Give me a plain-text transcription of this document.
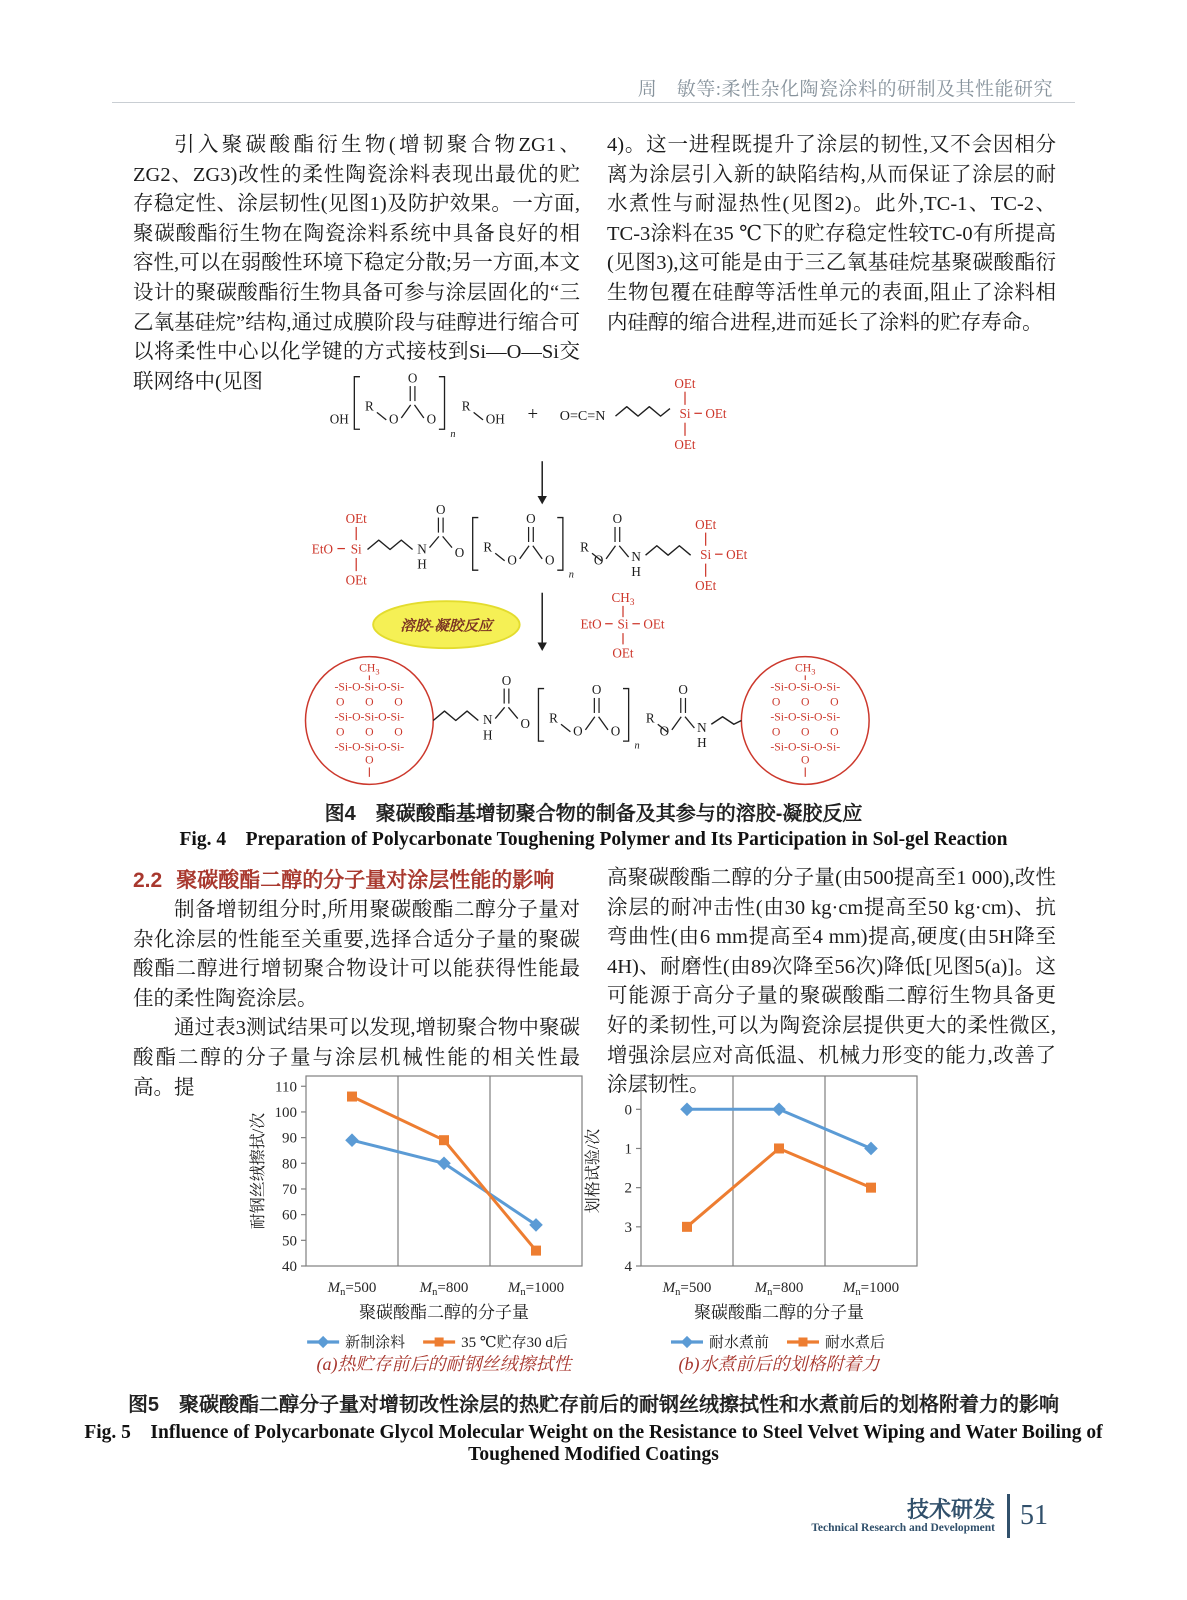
周　敏等:柔性杂化陶瓷涂料的研制及其性能研究
引入聚碳酸酯衍生物(增韧聚合物ZG1、ZG2、ZG3)改性的柔性陶瓷涂料表现出最优的贮存稳定性、涂层韧性(见图1)及防护效果。一方面,聚碳酸酯衍生物在陶瓷涂料系统中具备良好的相容性,可以在弱酸性环境下稳定分散;另一方面,本文设计的聚碳酸酯衍生物具备可参与涂层固化的“三乙氧基硅烷”结构,通过成膜阶段与硅醇进行缩合可以将柔性中心以化学键的方式接枝到Si—O—Si交联网络中(见图
4)。这一进程既提升了涂层的韧性,又不会因相分离为涂层引入新的缺陷结构,从而保证了涂层的耐水煮性与耐湿热性(见图2)。此外,TC-1、TC-2、TC-3涂料在35 ℃下的贮存稳定性较TC-0有所提高(见图3),这可能是由于三乙氧基硅烷基聚碳酸酯衍生物包覆在硅醇等活性单元的表面,阻止了涂料相内硅醇的缩合进程,进而延长了涂料的贮存寿命。
OH
R
O
O
O
n
R
OH + O=C=N	Si
OEt
OEt
OEt
EtO Si
OEt
OEt
N
H
O
O R
O
O
O
n
R
O
O
N
H
Si
OEt
OEt
OEt
溶胶-凝胶反应
$CH_3$
EtO Si OEt
OEt
$CH_3$
-Si-O-Si-O-Si-
-Si-O-Si-O-Si-
-Si-O-Si-O-Si-
O O O
O O O
O
$CH_3$
-Si-O-Si-O-Si-
-Si-O-Si-O-Si-
-Si-O-Si-O-Si-
O O O
O O O
O
N
H
O
O R
O
O
O
n
R
O
O
N
H
图4　聚碳酸酯基增韧聚合物的制备及其参与的溶胶-凝胶反应
Fig. 4　Preparation of Polycarbonate Toughening Polymer and Its Participation in Sol-gel Reaction
2.2 聚碳酸酯二醇的分子量对涂层性能的影响

制备增韧组分时,所用聚碳酸酯二醇分子量对杂化涂层的性能至关重要,选择合适分子量的聚碳酸酯二醇进行增韧聚合物设计可以能获得性能最佳的柔性陶瓷涂层。

通过表3测试结果可以发现,增韧聚合物中聚碳酸酯二醇的分子量与涂层机械性能的相关性最高。提

高聚碳酸酯二醇的分子量(由500提高至1 000),改性涂层的耐冲击性(由30 kg·cm提高至50 kg·cm)、抗弯曲性(由6 mm提高至4 mm)提高,硬度(由5H降至4H)、耐磨性(由89次降至56次)降低[见图5(a)]。这可能源于高分子量的聚碳酸酯二醇衍生物具备更好的柔韧性,可以为陶瓷涂层提供更大的柔性微区,增强涂层应对高低温、机械力形变的能力,改善了涂层韧性。
40
50
60
70
80
90
100
110
$M_n=500$	$M_n=800$	$M_n=1000$
聚碳酸酯二醇的分子量
耐钢丝绒擦拭/次
新制涂料	35 ℃贮存30 d后
(a)热贮存前后的耐钢丝绒擦拭性
0
1
2
3
4
$M_n=500$	$M_n=800$	$M_n=1000$
聚碳酸酯二醇的分子量
划格试验/次
耐水煮前	耐水煮后
(b)水煮前后的划格附着力
图5　聚碳酸酯二醇分子量对增韧改性涂层的热贮存前后的耐钢丝绒擦拭性和水煮前后的划格附着力的影响
Fig. 5　Influence of Polycarbonate Glycol Molecular Weight on the Resistance to Steel Velvet Wiping and Water Boiling of
Toughened Modified Coatings
技术研发
Technical Research and Development 51
